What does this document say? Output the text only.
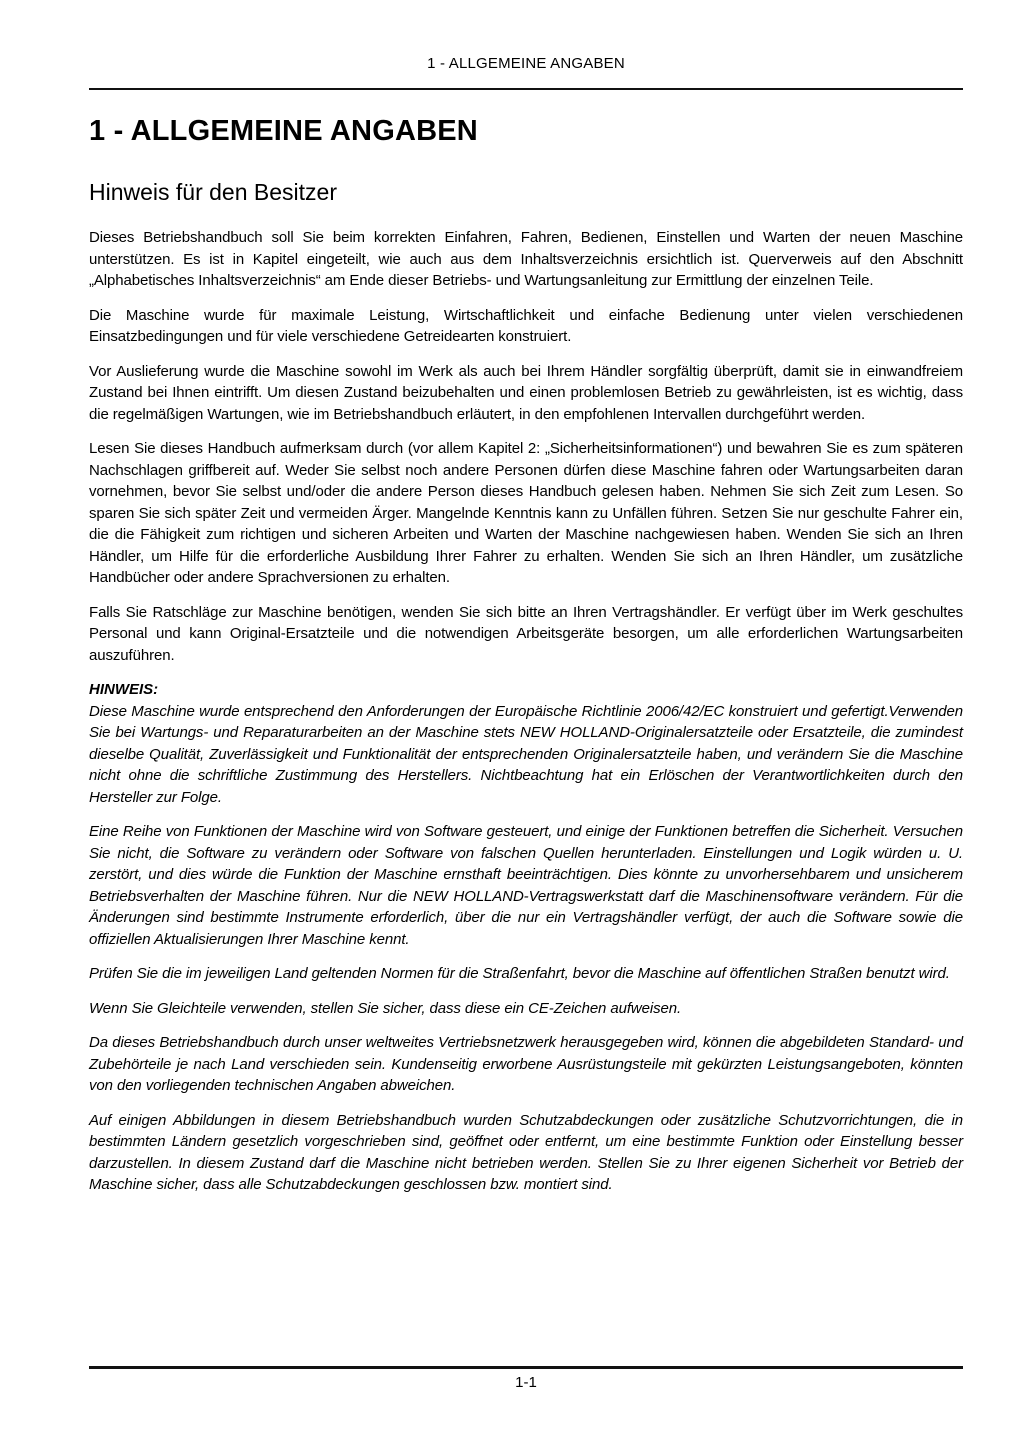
1 - ALLGEMEINE ANGABEN
1 - ALLGEMEINE ANGABEN
Hinweis für den Besitzer

Dieses Betriebshandbuch soll Sie beim korrekten Einfahren, Fahren, Bedienen, Einstellen und Warten der neuen Maschine unterstützen. Es ist in Kapitel eingeteilt, wie auch aus dem Inhaltsverzeichnis ersichtlich ist. Querverweis auf den Abschnitt „Alphabetisches Inhaltsverzeichnis“ am Ende dieser Betriebs- und Wartungsanleitung zur Ermittlung der einzelnen Teile.

Die Maschine wurde für maximale Leistung, Wirtschaftlichkeit und einfache Bedienung unter vielen verschiedenen Einsatzbedingungen und für viele verschiedene Getreidearten konstruiert.

Vor Auslieferung wurde die Maschine sowohl im Werk als auch bei Ihrem Händler sorgfältig überprüft, damit sie in einwandfreiem Zustand bei Ihnen eintrifft. Um diesen Zustand beizubehalten und einen problemlosen Betrieb zu gewährleisten, ist es wichtig, dass die regelmäßigen Wartungen, wie im Betriebshandbuch erläutert, in den empfohlenen Intervallen durchgeführt werden.

Lesen Sie dieses Handbuch aufmerksam durch (vor allem Kapitel 2: „Sicherheitsinformationen“) und bewahren Sie es zum späteren Nachschlagen griffbereit auf. Weder Sie selbst noch andere Personen dürfen diese Maschine fahren oder Wartungsarbeiten daran vornehmen, bevor Sie selbst und/oder die andere Person dieses Handbuch gelesen haben. Nehmen Sie sich Zeit zum Lesen. So sparen Sie sich später Zeit und vermeiden Ärger. Mangelnde Kenntnis kann zu Unfällen führen. Setzen Sie nur geschulte Fahrer ein, die die Fähigkeit zum richtigen und sicheren Arbeiten und Warten der Maschine nachgewiesen haben. Wenden Sie sich an Ihren Händler, um Hilfe für die erforderliche Ausbildung Ihrer Fahrer zu erhalten. Wenden Sie sich an Ihren Händler, um zusätzliche Handbücher oder andere Sprachversionen zu erhalten.

Falls Sie Ratschläge zur Maschine benötigen, wenden Sie sich bitte an Ihren Vertragshändler. Er verfügt über im Werk geschultes Personal und kann Original-Ersatzteile und die notwendigen Arbeitsgeräte besorgen, um alle erforderlichen Wartungsarbeiten auszuführen.

HINWEIS:

Diese Maschine wurde entsprechend den Anforderungen der Europäische Richtlinie 2006/42/EC konstruiert und gefertigt.Verwenden Sie bei Wartungs- und Reparaturarbeiten an der Maschine stets NEW HOLLAND-Originalersatzteile oder Ersatzteile, die zumindest dieselbe Qualität, Zuverlässigkeit und Funktionalität der entsprechenden Originalersatzteile haben, und verändern Sie die Maschine nicht ohne die schriftliche Zustimmung des Herstellers. Nichtbeachtung hat ein Erlöschen der Verantwortlichkeiten durch den Hersteller zur Folge.

Eine Reihe von Funktionen der Maschine wird von Software gesteuert, und einige der Funktionen betreffen die Sicherheit. Versuchen Sie nicht, die Software zu verändern oder Software von falschen Quellen herunterladen. Einstellungen und Logik würden u. U. zerstört, und dies würde die Funktion der Maschine ernsthaft beeinträchtigen. Dies könnte zu unvorhersehbarem und unsicherem Betriebsverhalten der Maschine führen. Nur die NEW HOLLAND-Vertragswerkstatt darf die Maschinensoftware verändern. Für die Änderungen sind bestimmte Instrumente erforderlich, über die nur ein Vertragshändler verfügt, der auch die Software sowie die offiziellen Aktualisierungen Ihrer Maschine kennt.

Prüfen Sie die im jeweiligen Land geltenden Normen für die Straßenfahrt, bevor die Maschine auf öffentlichen Straßen benutzt wird.

Wenn Sie Gleichteile verwenden, stellen Sie sicher, dass diese ein CE-Zeichen aufweisen.

Da dieses Betriebshandbuch durch unser weltweites Vertriebsnetzwerk herausgegeben wird, können die abgebildeten Standard- und Zubehörteile je nach Land verschieden sein. Kundenseitig erworbene Ausrüstungsteile mit gekürzten Leistungsangeboten, könnten von den vorliegenden technischen Angaben abweichen.

Auf einigen Abbildungen in diesem Betriebshandbuch wurden Schutzabdeckungen oder zusätzliche Schutzvorrichtungen, die in bestimmten Ländern gesetzlich vorgeschrieben sind, geöffnet oder entfernt, um eine bestimmte Funktion oder Einstellung besser darzustellen. In diesem Zustand darf die Maschine nicht betrieben werden. Stellen Sie zu Ihrer eigenen Sicherheit vor Betrieb der Maschine sicher, dass alle Schutzabdeckungen geschlossen bzw. montiert sind.

1-1
